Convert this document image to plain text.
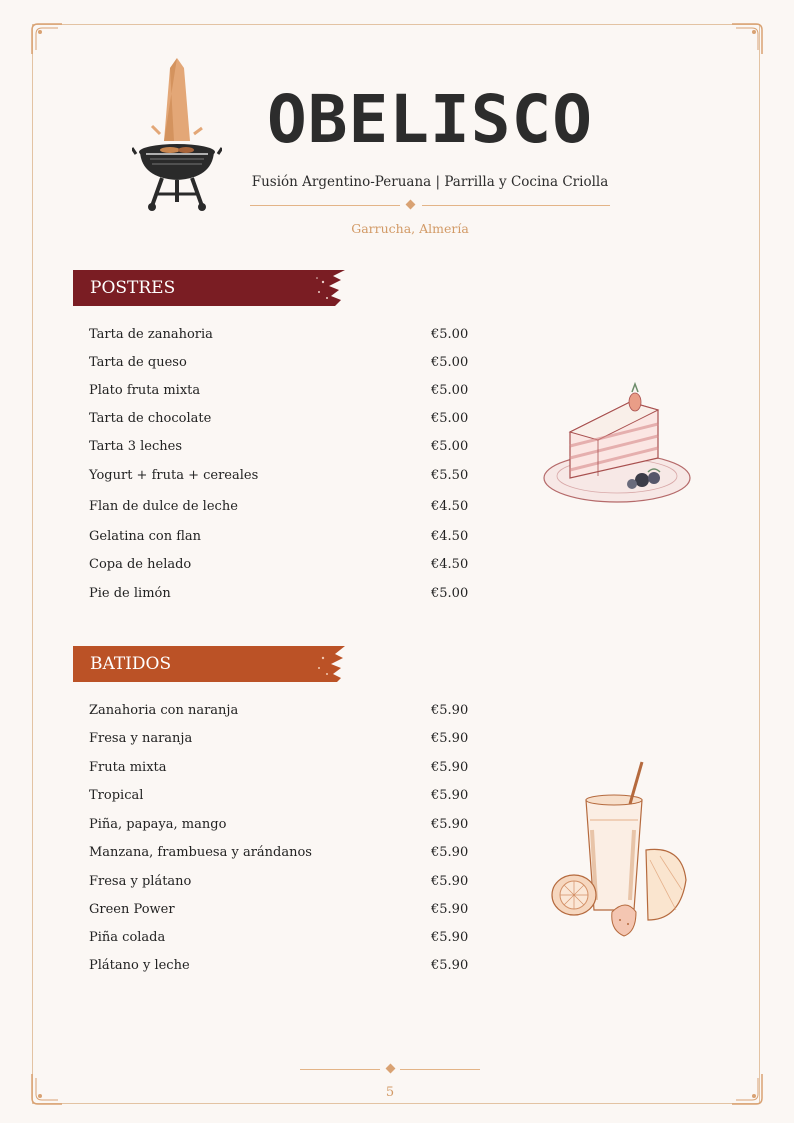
OBELISCO
Fusión Argentino-Peruana | Parrilla y Cocina Criolla
Garrucha, Almería
POSTRES
Tarta de zanahoria	€5.00
Tarta de queso	€5.00
Plato fruta mixta	€5.00
Tarta de chocolate	€5.00
Tarta 3 leches	€5.00
Yogurt + fruta + cereales	€5.50
Flan de dulce de leche	€4.50
Gelatina con flan	€4.50
Copa de helado	€4.50
Pie de limón	€5.00
BATIDOS
Zanahoria con naranja	€5.90
Fresa y naranja	€5.90
Fruta mixta	€5.90
Tropical	€5.90
Piña, papaya, mango	€5.90
Manzana, frambuesa y arándanos	€5.90
Fresa y plátano	€5.90
Green Power	€5.90
Piña colada	€5.90
Plátano y leche	€5.90
5
